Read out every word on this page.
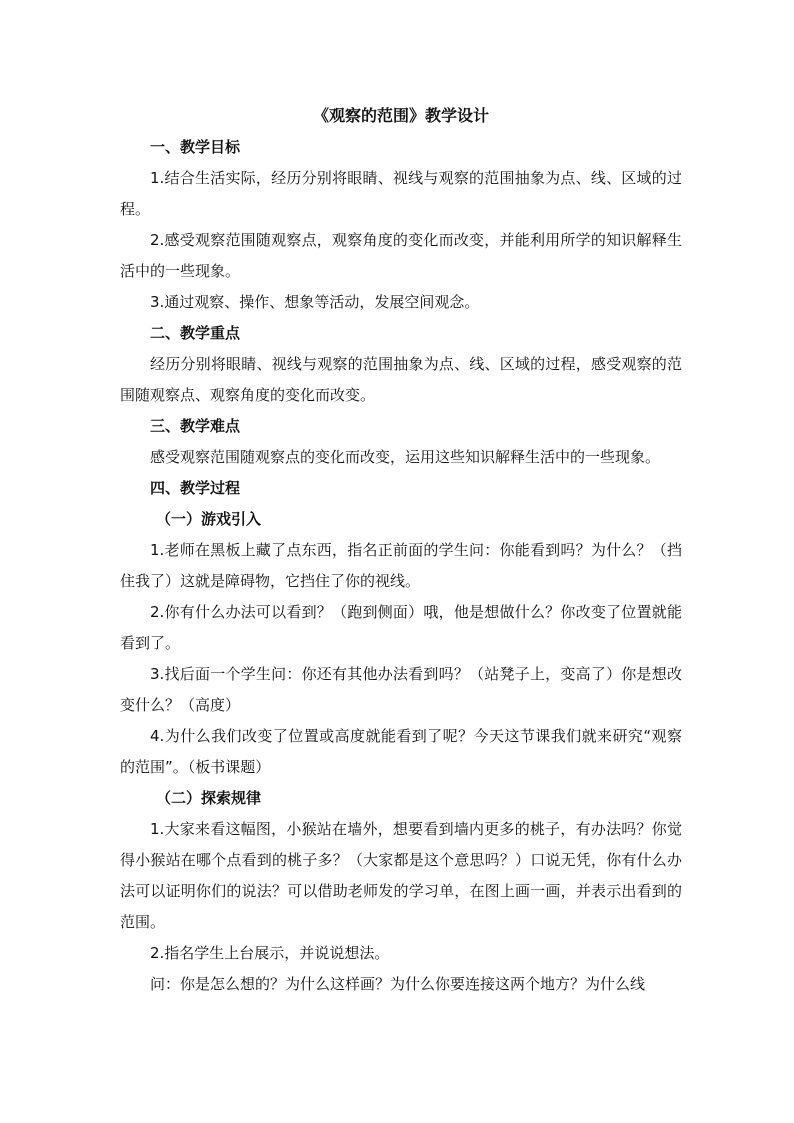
《观察的范围》教学设计

一、教学目标

1.结合生活实际，经历分别将眼睛、视线与观察的范围抽象为点、线、区域的过程。

2.感受观察范围随观察点，观察角度的变化而改变，并能利用所学的知识解释生活中的一些现象。

3.通过观察、操作、想象等活动，发展空间观念。

二、教学重点

经历分别将眼睛、视线与观察的范围抽象为点、线、区域的过程，感受观察的范围随观察点、观察角度的变化而改变。

三、教学难点

感受观察范围随观察点的变化而改变，运用这些知识解释生活中的一些现象。

四、教学过程

（一）游戏引入

1.老师在黑板上藏了点东西，指名正前面的学生问：你能看到吗？为什么？（挡住我了）这就是障碍物，它挡住了你的视线。

2.你有什么办法可以看到？（跑到侧面）哦，他是想做什么？你改变了位置就能看到了。

3.找后面一个学生问：你还有其他办法看到吗？（站凳子上，变高了）你是想改变什么？（高度）

4.为什么我们改变了位置或高度就能看到了呢？今天这节课我们就来研究“观察的范围”。（板书课题）

（二）探索规律

1.大家来看这幅图，小猴站在墙外，想要看到墙内更多的桃子，有办法吗？你觉得小猴站在哪个点看到的桃子多？（大家都是这个意思吗？）口说无凭，你有什么办法可以证明你们的说法？可以借助老师发的学习单，在图上画一画，并表示出看到的范围。

2.指名学生上台展示，并说说想法。

问：你是怎么想的？为什么这样画？为什么你要连接这两个地方？为什么线
